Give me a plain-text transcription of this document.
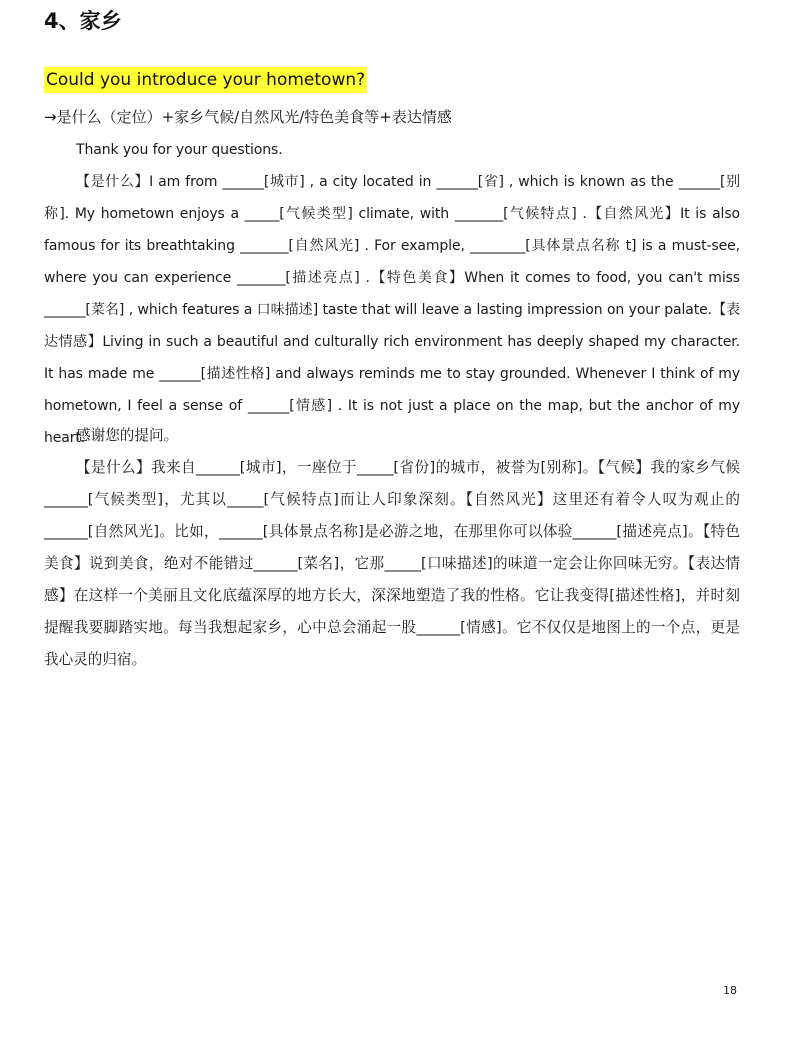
4、家乡

Could you introduce your hometown?

→是什么（定位）+家乡气候/自然风光/特色美食等+表达情感

Thank you for your questions.

【是什么】I am from ______[城市] , a city located in ______[省] , which is known as the ______[别称]. My hometown enjoys a _____[气候类型] climate, with _______[气候特点] .【自然风光】It is also famous for its breathtaking _______[自然风光] . For example, ________[具体景点名称 t] is a must-see, where you can experience _______[描述亮点] .【特色美食】When it comes to food, you can't miss ______[菜名] , which features a 口味描述] taste that will leave a lasting impression on your palate.【表达情感】Living in such a beautiful and culturally rich environment has deeply shaped my character. It has made me ______[描述性格] and always reminds me to stay grounded. Whenever I think of my hometown, I feel a sense of ______[情感] . It is not just a place on the map, but the anchor of my heart.

感谢您的提问。

【是什么】我来自______[城市]，一座位于_____[省份]的城市，被誉为[别称]。【气候】我的家乡气候______[气候类型]，尤其以_____[气候特点]而让人印象深刻。【自然风光】这里还有着令人叹为观止的______[自然风光]。比如，______[具体景点名称]是必游之地，在那里你可以体验______[描述亮点]。【特色美食】说到美食，绝对不能错过______[菜名]，它那_____[口味描述]的味道一定会让你回味无穷。【表达情感】在这样一个美丽且文化底蕴深厚的地方长大，深深地塑造了我的性格。它让我变得[描述性格]，并时刻提醒我要脚踏实地。每当我想起家乡，心中总会涌起一股______[情感]。它不仅仅是地图上的一个点，更是我心灵的归宿。

18
